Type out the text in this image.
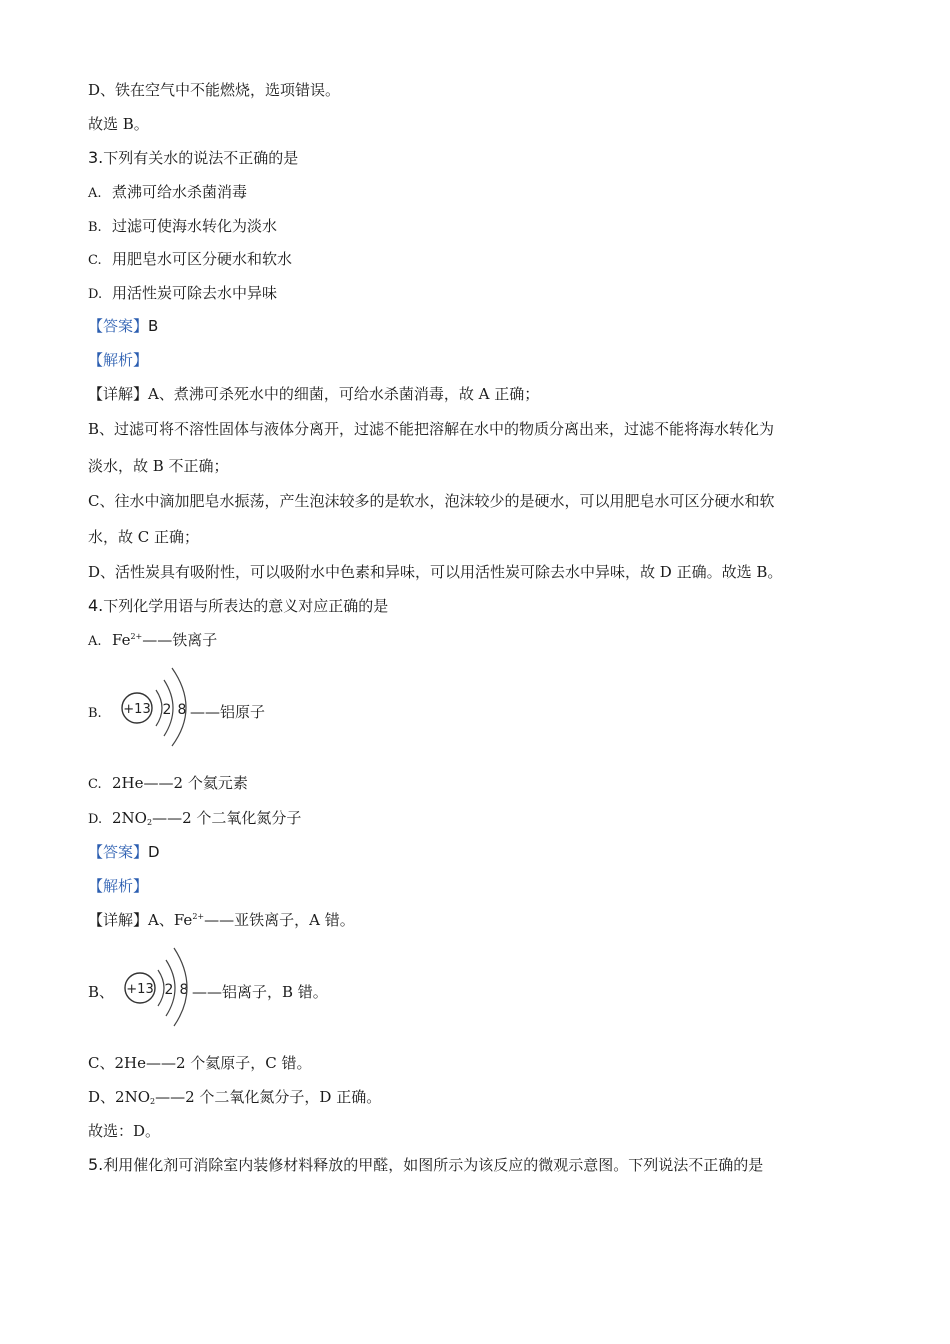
D、铁在空气中不能燃烧，选项错误。
故选 B。
3.下列有关水的说法不正确的是
A. 煮沸可给水杀菌消毒
B. 过滤可使海水转化为淡水
C. 用肥皂水可区分硬水和软水
D. 用活性炭可除去水中异味
【答案】B
【解析】
【详解】A、煮沸可杀死水中的细菌，可给水杀菌消毒，故 A 正确；
B、过滤可将不溶性固体与液体分离开，过滤不能把溶解在水中的物质分离出来，过滤不能将海水转化为
淡水，故 B 不正确；
C、往水中滴加肥皂水振荡，产生泡沫较多的是软水，泡沫较少的是硬水，可以用肥皂水可区分硬水和软
水，故 C 正确；
D、活性炭具有吸附性，可以吸附水中色素和异味，可以用活性炭可除去水中异味，故 D 正确。故选 B。
4.下列化学用语与所表达的意义对应正确的是
A. $Fe^{2+}——$铁离子
B.	+13 2 8 ——铝原子
C. 2He——2 个氦元素
D. $2NO_2——2$ 个二氧化氮分子
【答案】D
【解析】
【详解】A、$Fe^{2+}——$亚铁离子，A 错。
B、 +13 2 8 ——铝离子，B 错。
C、2He——2 个氦原子，C 错。
D、$2NO_2——2$ 个二氧化氮分子，D 正确。
故选：D。
5.利用催化剂可消除室内装修材料释放的甲醛，如图所示为该反应的微观示意图。下列说法不正确的是
